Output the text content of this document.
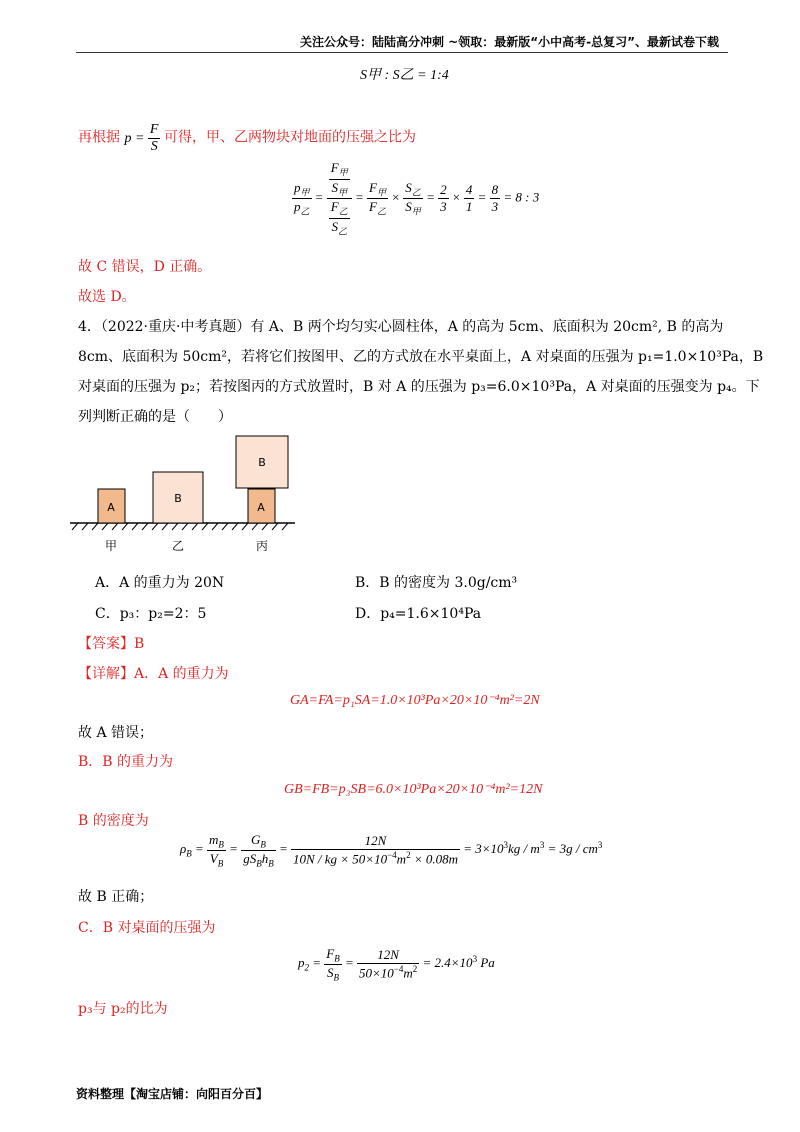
关注公众号：陆陆高分冲刺 ~领取：最新版“小中高考-总复习”、最新试卷下载
S甲 : S乙 = 1:4
再根据 $p = \frac{F}{S}$ 可得，甲、乙两物块对地面的压强之比为
$\frac{p_甲}{p_乙} = \frac{\frac{F_甲}{S_甲}}{\frac{F_乙}{S_乙}} = \frac{F_甲}{F_乙} \times \frac{S_乙}{S_甲} = \frac{2}{3} \times \frac{4}{1} = \frac{8}{3} = 8$ : 3
故 C 错误，D 正确。
故选 D。
4．（2022·重庆·中考真题）有 A、B 两个均匀实心圆柱体，A 的高为 5cm、底面积为 20cm², B 的高为
8cm、底面积为 50cm²，若将它们按图甲、乙的方式放在水平桌面上，A 对桌面的压强为 p₁=1.0×10³Pa，B
对桌面的压强为 p₂；若按图丙的方式放置时，B 对 A 的压强为 p₃=6.0×10³Pa，A 对桌面的压强变为 p₄。下
列判断正确的是（　　）
A
B
B
A
甲	乙	丙
A．A 的重力为 20N	B．B 的密度为 3.0g/cm³
C．p₃：p₂=2：5	D．p₄=1.6×10⁴Pa
【答案】B
【详解】A．A 的重力为
GA=FA=p₁SA=1.0×10³Pa×20×10⁻⁴m²=2N
故 A 错误；
B．B 的重力为
GB=FB=p₃SB=6.0×10³Pa×20×10⁻⁴m²=12N
B 的密度为
$\rho_B = \frac{m_B}{V_B} = \frac{G_B}{gS_Bh_B} = \frac{12N}{10N / kg \times 50\times 10^{-4}m^2 \times 0.08m} = 3\times 10^3kg / m^3 = 3g / cm^3$
故 B 正确；
C．B 对桌面的压强为
$p_2 = \frac{F_B}{S_B} = \frac{12N}{50\times 10^{-4}m^2} = 2.4\times 10^3$ Pa
p₃与 p₂的比为
资料整理【淘宝店铺：向阳百分百】
